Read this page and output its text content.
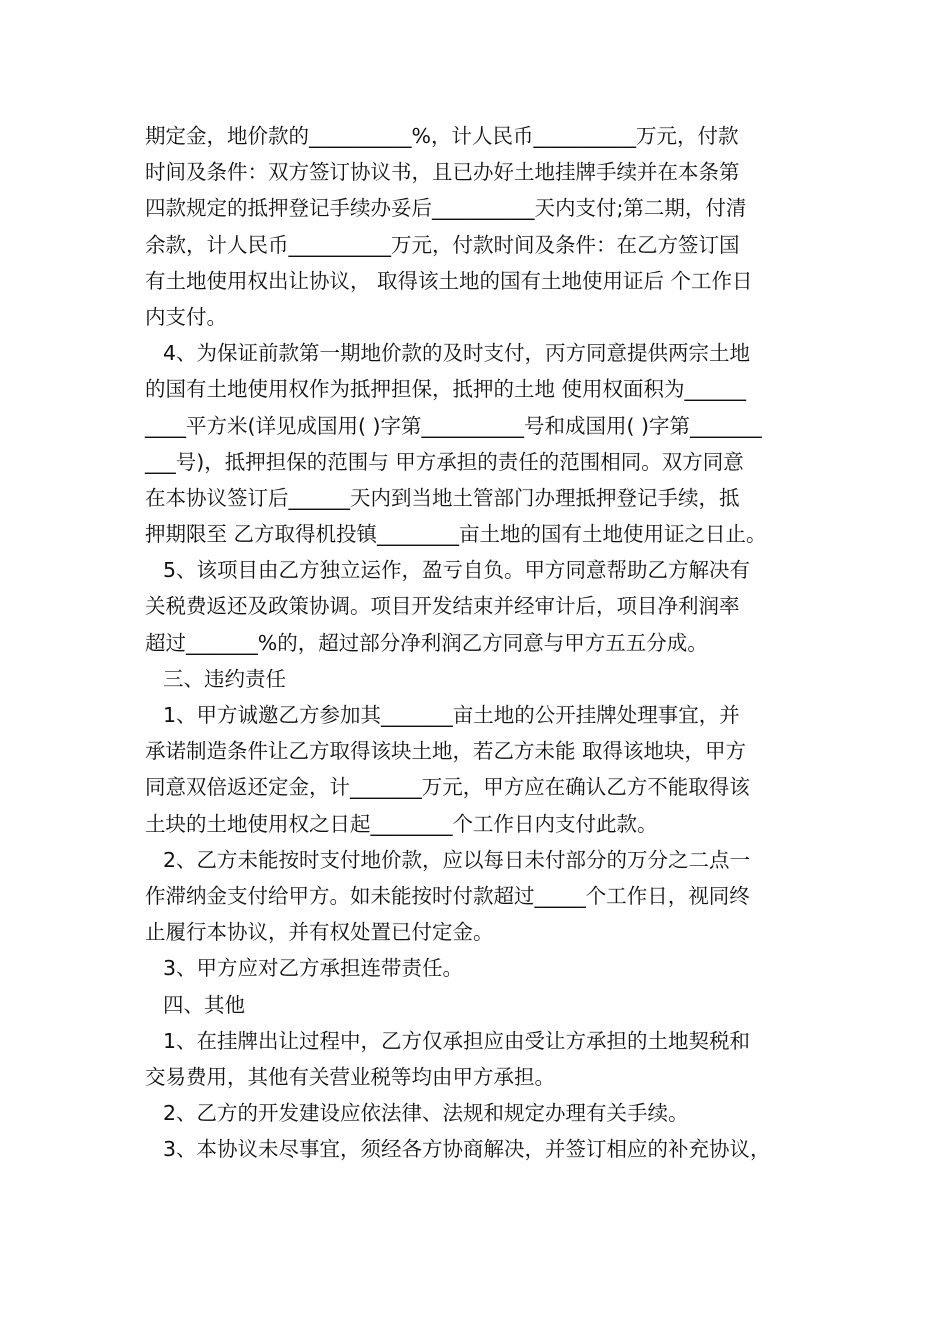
期定金，地价款的__________%，计人民币__________万元，付款
时间及条件：双方签订协议书，且已办好土地挂牌手续并在本条第
四款规定的抵押登记手续办妥后__________天内支付;第二期，付清
余款，计人民币__________万元，付款时间及条件：在乙方签订国
有土地使用权出让协议， 取得该土地的国有土地使用证后 个工作日
内支付。
4、为保证前款第一期地价款的及时支付，丙方同意提供两宗土地
的国有土地使用权作为抵押担保，抵押的土地 使用权面积为______
____平方米(详见成国用( )字第__________号和成国用( )字第_______
___号)，抵押担保的范围与 甲方承担的责任的范围相同。双方同意
在本协议签订后______天内到当地土管部门办理抵押登记手续，抵
押期限至 乙方取得机投镇________亩土地的国有土地使用证之日止。
5、该项目由乙方独立运作，盈亏自负。甲方同意帮助乙方解决有
关税费返还及政策协调。项目开发结束并经审计后，项目净利润率
超过_______%的，超过部分净利润乙方同意与甲方五五分成。
三、违约责任
1、甲方诚邀乙方参加其_______亩土地的公开挂牌处理事宜，并
承诺制造条件让乙方取得该块土地，若乙方未能 取得该地块，甲方
同意双倍返还定金，计_______万元，甲方应在确认乙方不能取得该
土块的土地使用权之日起________个工作日内支付此款。
2、乙方未能按时支付地价款，应以每日未付部分的万分之二点一
作滞纳金支付给甲方。如未能按时付款超过_____个工作日，视同终
止履行本协议，并有权处置已付定金。
3、甲方应对乙方承担连带责任。
四、其他
1、在挂牌出让过程中，乙方仅承担应由受让方承担的土地契税和
交易费用，其他有关营业税等均由甲方承担。
2、乙方的开发建设应依法律、法规和规定办理有关手续。
3、本协议未尽事宜，须经各方协商解决，并签订相应的补充协议，
